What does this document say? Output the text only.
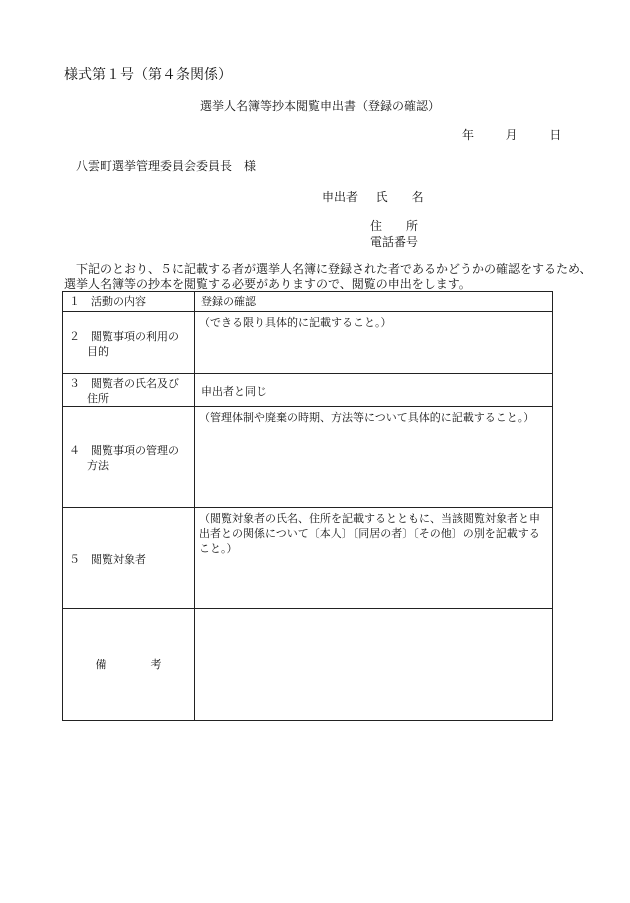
様式第１号（第４条関係）
選挙人名簿等抄本閲覧申出書（登録の確認）
年	月	日
八雲町選挙管理委員会委員長　様
申出者 氏　　名
住　　所
電話番号

下記のとおり、５に記載する者が選挙人名簿に登録された者であるかどうかの確認をするため、

選挙人名簿等の抄本を閲覧する必要がありますので、閲覧の申出をします。

１　活動の内容	登録の確認

２　閲覧事項の利用の
目的	（できる限り具体的に記載すること。）

３　閲覧者の氏名及び
住所	申出者と同じ

４　閲覧事項の管理の
方法	（管理体制や廃棄の時期、方法等について具体的に記載すること。）

５　閲覧対象者	（閲覧対象者の氏名、住所を記載するとともに、当該閲覧対象者と申出者との関係について〔本人〕〔同居の者〕〔その他〕の別を記載すること。）

備　　　　考	
